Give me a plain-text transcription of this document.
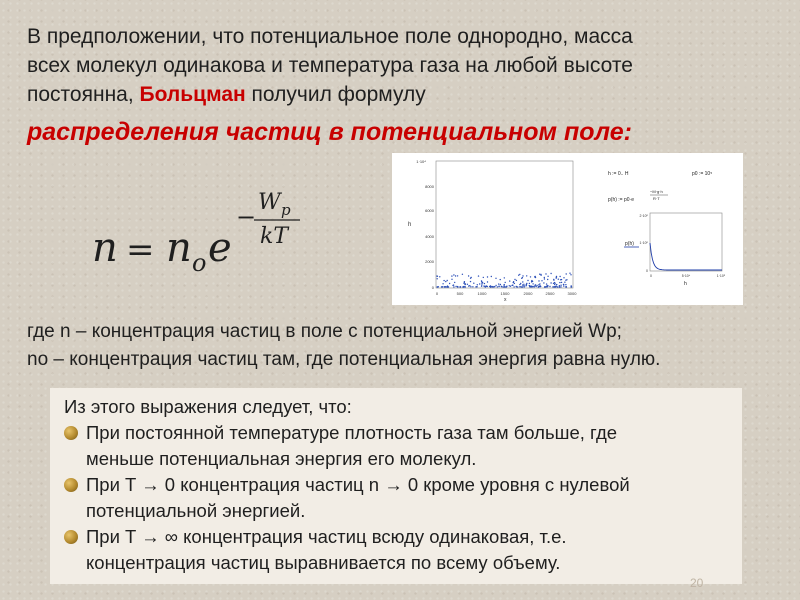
В предположении, что потенциальное поле однородно, масса
всех молекул одинакова и температура газа на любой высоте
постоянна, Больцман получил формулу
распределения частиц в потенциальном поле:
n = n o e
−
W p
kT	h
x
1·10⁴
8000
6000
4000
2000
0
0	500	1000	1500	2000	2500	3000
h := 0.. H	p0 := 10⁵
p(h) := p0·e
−M·g·h
R·T
p(h)
2·10⁵
1·10⁵
0
0	5·10⁴	1·10⁵
h
где n – концентрация частиц в поле с потенциальной энергией Wp;
no – концентрация частиц там, где потенциальная энергия равна нулю.

Из этого выражения следует, что:

При постоянной температуре плотность газа там больше, где
меньше потенциальная энергия его молекул.
При T → 0 концентрация частиц n → 0 кроме уровня с нулевой
потенциальной энергией.
При T → ∞ концентрация частиц всюду одинаковая, т.е.
концентрация частиц выравнивается по всему объему.
20
